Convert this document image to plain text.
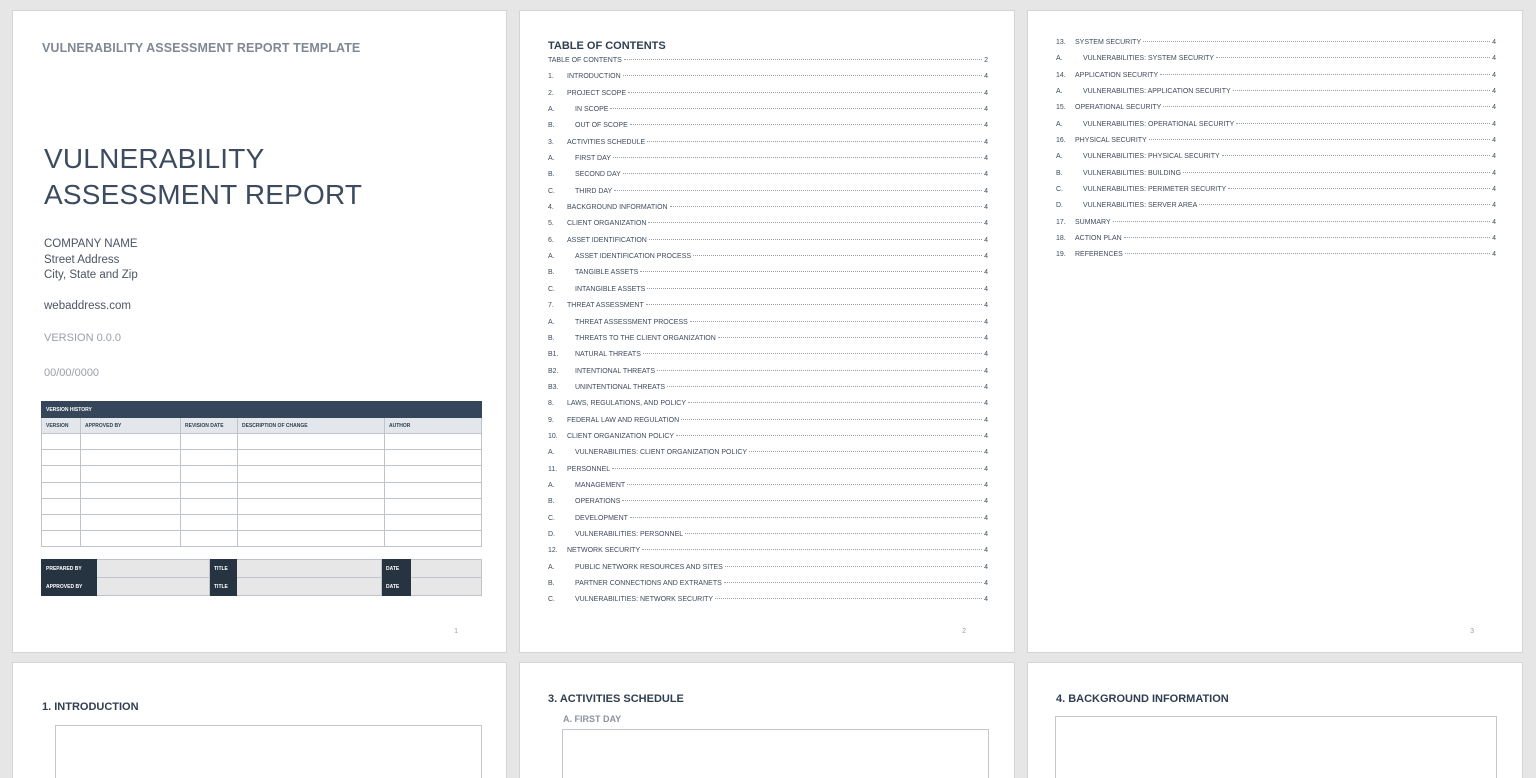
VULNERABILITY ASSESSMENT REPORT TEMPLATE
VULNERABILITY
ASSESSMENT REPORT
COMPANY NAME
Street Address
City, State and Zip
webaddress.com
VERSION 0.0.0
00/00/0000
VERSION HISTORY				
VERSION	APPROVED BY	REVISION DATE	DESCRIPTION OF CHANGE	AUTHOR

PREPARED BY		TITLE		DATE	
APPROVED BY		TITLE		DATE	
1
TABLE OF CONTENTS
TABLE OF CONTENTS	2
1.	INTRODUCTION	4
2.	PROJECT SCOPE	4
A.	IN SCOPE	4
B.	OUT OF SCOPE	4
3.	ACTIVITIES SCHEDULE	4
A.	FIRST DAY	4
B.	SECOND DAY	4
C.	THIRD DAY	4
4.	BACKGROUND INFORMATION	4
5.	CLIENT ORGANIZATION	4
6.	ASSET IDENTIFICATION	4
A.	ASSET IDENTIFICATION PROCESS	4
B.	TANGIBLE ASSETS	4
C.	INTANGIBLE ASSETS	4
7.	THREAT ASSESSMENT	4
A.	THREAT ASSESSMENT PROCESS	4
B.	THREATS TO THE CLIENT ORGANIZATION	4
B1.	NATURAL THREATS	4
B2.	INTENTIONAL THREATS	4
B3.	UNINTENTIONAL THREATS	4
8.	LAWS, REGULATIONS, AND POLICY	4
9.	FEDERAL LAW AND REGULATION	4
10.	CLIENT ORGANIZATION POLICY	4
A.	VULNERABILITIES: CLIENT ORGANIZATION POLICY	4
11.	PERSONNEL	4
A.	MANAGEMENT	4
B.	OPERATIONS	4
C.	DEVELOPMENT	4
D.	VULNERABILITIES: PERSONNEL	4
12.	NETWORK SECURITY	4
A.	PUBLIC NETWORK RESOURCES AND SITES	4
B.	PARTNER CONNECTIONS AND EXTRANETS	4
C.	VULNERABILITIES: NETWORK SECURITY	4
2
13.	SYSTEM SECURITY	4
A.	VULNERABILITIES: SYSTEM SECURITY	4
14.	APPLICATION SECURITY	4
A.	VULNERABILITIES: APPLICATION SECURITY	4
15.	OPERATIONAL SECURITY	4
A.	VULNERABILITIES: OPERATIONAL SECURITY	4
16.	PHYSICAL SECURITY	4
A.	VULNERABILITIES: PHYSICAL SECURITY	4
B.	VULNERABILITIES: BUILDING	4
C.	VULNERABILITIES: PERIMETER SECURITY	4
D.	VULNERABILITIES: SERVER AREA	4
17.	SUMMARY	4
18.	ACTION PLAN	4
19.	REFERENCES	4
3
1. INTRODUCTION
3. ACTIVITIES SCHEDULE
A. FIRST DAY
4. BACKGROUND INFORMATION
